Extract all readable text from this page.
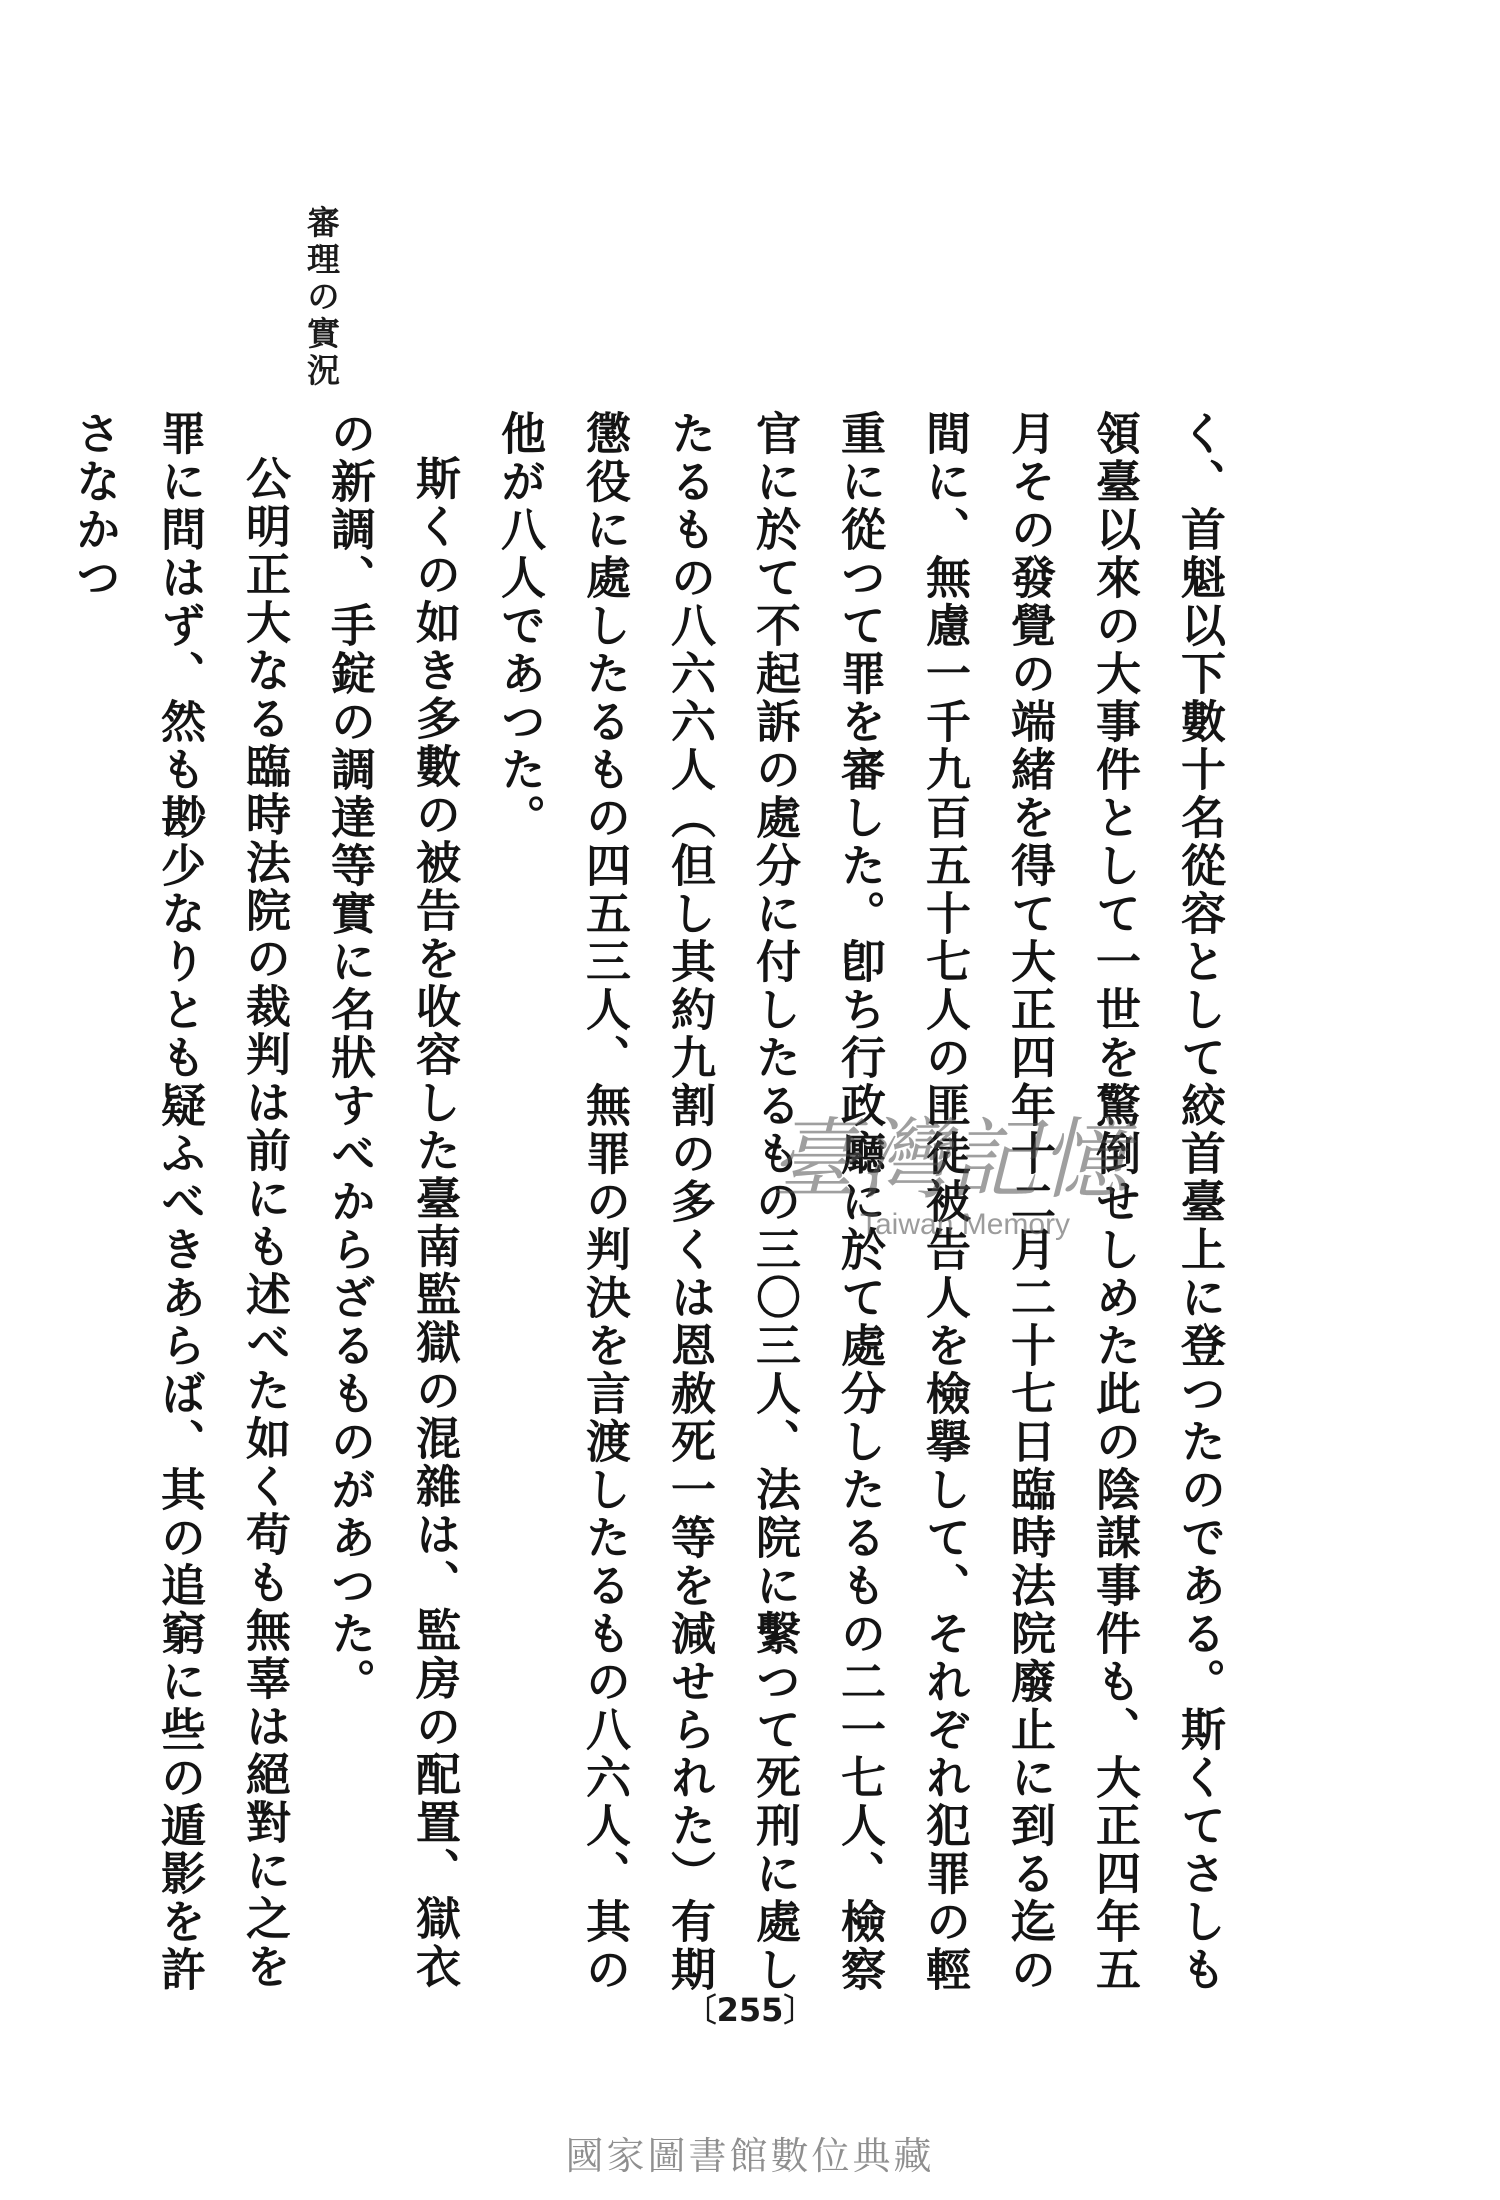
審理の實況

く、首魁以下數十名從容として絞首臺上に登つたのである。斯くてさしも領臺以來の大事件として一世を驚倒せしめた此の陰謀事件も、大正四年五月その發覺の端緒を得て大正四年十二月二十七日臨時法院廢止に到る迄の間に、無慮一千九百五十七人の匪徒被告人を檢擧して、それぞれ犯罪の輕重に從つて罪を審した。卽ち行政廳に於て處分したるもの二一七人、檢察官に於て不起訴の處分に付したるもの三〇三人、法院に繫つて死刑に處したるもの八六六人（但し其約九割の多くは恩赦死一等を減せられた）有期懲役に處したるもの四五三人、無罪の判決を言渡したるもの八六人、其の他が八人であつた。

斯くの如き多數の被告を收容した臺南監獄の混雜は、監房の配置、獄衣の新調、手錠の調達等實に名狀すべからざるものがあつた。

公明正大なる臨時法院の裁判は前にも述べた如く苟も無辜は絕對に之を罪に問はず、然も尠少なりとも疑ふべきあらば、其の追窮に些の遁影を許さなかつ

臺灣記憶
Taiwan Memory
〔255〕
國家圖書館數位典藏
